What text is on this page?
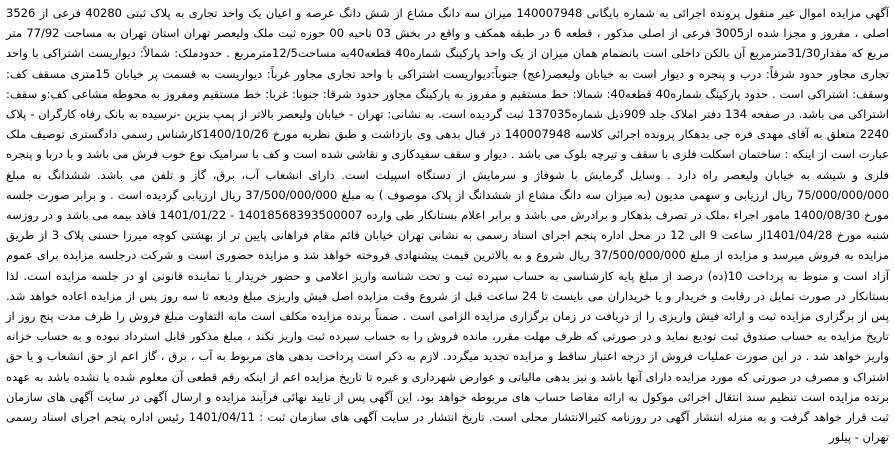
آگهی مزایده اموال غیر منقول پرونده اجرائی به شماره بایگانی 140007948 میزان سه دانگ مشاع از شش دانگ عرصه و اعیان یک واحد تجاری به پلاک ثبتی 40280 فرعی از 3526 اصلی ، مفروز و مجزا شده از3005 فرعی از اصلی مذکور ، قطعه 6 در طبقه همکف و واقع در بخش 03 ناحیه 00 حوزه ثبت ملک ولیعصر تهران استان تهران به مساحت 77/92 متر مربع که مقدار31/30مترمربع آن بالکن داخلی است بانضمام همان میزان از یک واحد پارکینگ شماره40 قطعه40به مساحت12/5مترمربع . حدودملک: شمالاً: دیواریست اشتراکی با واحد تجاری مجاور حدود شرقاً: درب و پنجره و دیوار است به خیابان ولیعصر(عج) جنوباً:دیواریست اشتراکی با واحد تجاری مجاور غرباً: دیواریست به قسمت پر خیابان 15متری مسقف کف: وسقف: اشتراکی است . حدود پارکینگ شماره40 قطعه40: شمالا: خط مستقیم و مفروز به پارکینگ مجاور حدود شرقا: جنوبا: غربا: خط مستقیم ومفروز به محوطه مشاعی کف:و سقف: اشتراکی می باشد. در صفحه 134 دفتر املاک جلد 909ذیل شماره137035 ثبت گردیده است. به نشانی: تهران - خیابان ولیعصر بالاتر از پمپ بنزین -نرسیده به بانک رفاه کارگران - پلاک 2240 متعلق به آقای مهدی فره جی بدهکار پرونده اجرائی کلاسه 140007948 در قبال بدهی وی بازداشت و طبق نظریه مورخ 1400/10/26کارشناس رسمی دادگستری توصیف ملک عبارت است از اینکه : ساختمان اسکلت فلزی با سقف و تیرچه بلوک می باشد . دیوار و سقف سفیدکاری و نقاشی شده است و کف با سرامیک نوع خوب فرش می باشد و با دربا و پنجره فلزی و شیشه به خیابان ولیعصر راه دارد . وسایل گرمایش با شوفاژ و سرمایش از دستگاه اسپیلت است. دارای انشعاب آب، برق، گاز و تلفن می باشد. ششدانگ به مبلغ 75/000/000/000 ریال ارزیابی و سهمی مدیون (به میزان سه دانگ مشاع از ششدانگ از پلاک موصوف ) به مبلغ 37/500/000/000 ریال ارزیابی گردیده است . و برابر صورت جلسه مورخ 1400/08/30 مامور اجراء ،ملک در تصرف بدهکار و برادرش می باشد و برابر اعلام بستانکار طی وارده 14018568393500007 - 1401/01/22 فاقد بیمه می باشد و در روزسه شنبه مورخ 1401/04/28از ساعت 9 الی 12 در محل اداره پنجم اجرای اسناد رسمی به نشانی تهران خیابان قائم مقام فراهانی پایین تر از بهشتی کوچه میرزا حسنی پلاک 3 از طریق مزایده به فروش میرسد و مزایده از مبلغ 37/500/000/000 ریال شروع و به بالاترین قیمت پیشنهادی فروخته خواهد شد و مزایده حضوری است و شرکت درجلسه مزایده برای عموم آزاد است و منوط به پرداخت 10(ده) درصد از مبلغ پایه کارشناسی به حساب سپرده ثبت و تحت شناسه واریز اعلامی و حضور خریدار یا نماینده قانونی او در جلسه مزایده است. لذا بستانکار در صورت تمایل در رقابت و خریدار و یا خریداران می بایست تا 24 ساعت قبل از شروع وقت مزایده اصل فیش واریزی مبلغ ودیعه تا سه روز پس از مزایده اعاده خواهد شد. پس از برگزاری مزایده ثبت و ارائه فیش واریزی را از دریافت در زمان برگزاری مزایده الزامی است . ضمناً برنده مزایده مکلف است مابه التفاوت مبلغ فروش را ظرف مدت پنج روز از تاریخ مزایده به حساب صندوق ثبت تودیع نماید و در صورتی که ظرف مهلت مقرر، مانده فروش را به حساب سپرده ثبت واریز نکند ، مبلغ مذکور قابل استرداد نبوده و به حساب خزانه واریز خواهد شد . در این صورت عملیات فروش از درجه اعتبار ساقط و مزایده تجدید میگردد. لازم به ذکر است پرداخت بدهی های مربوط به آب ، برق ، گاز اعم از حق انشعاب و یا حق اشتراک و مصرف در صورتی که مورد مزایده دارای آنها باشد و نیز بدهی مالیاتی و عوارض شهرداری و غیره تا تاریخ مزایده اعم از اینکه رقم قطعی آن معلوم شده یا نشده باشد به عهده برنده مزایده است تنظیم سند انتقال اجرائی موکول به ارائه مفاصا حساب های مربوطه خواهد بود. این آگهی پس از تایید نهائی فرآیند مزایده و ارسال آگهی در سایت آگهی های سازمان ثبت قرار خواهد گرفت و به منزله انتشار آگهی در روزنامه کثیرالانتشار محلی است. تاریخ انتشار در سایت آگهی های سازمان ثبت : 1401/04/11 رئیس اداره پنجم اجرای اسناد رسمی تهران - پیلور
